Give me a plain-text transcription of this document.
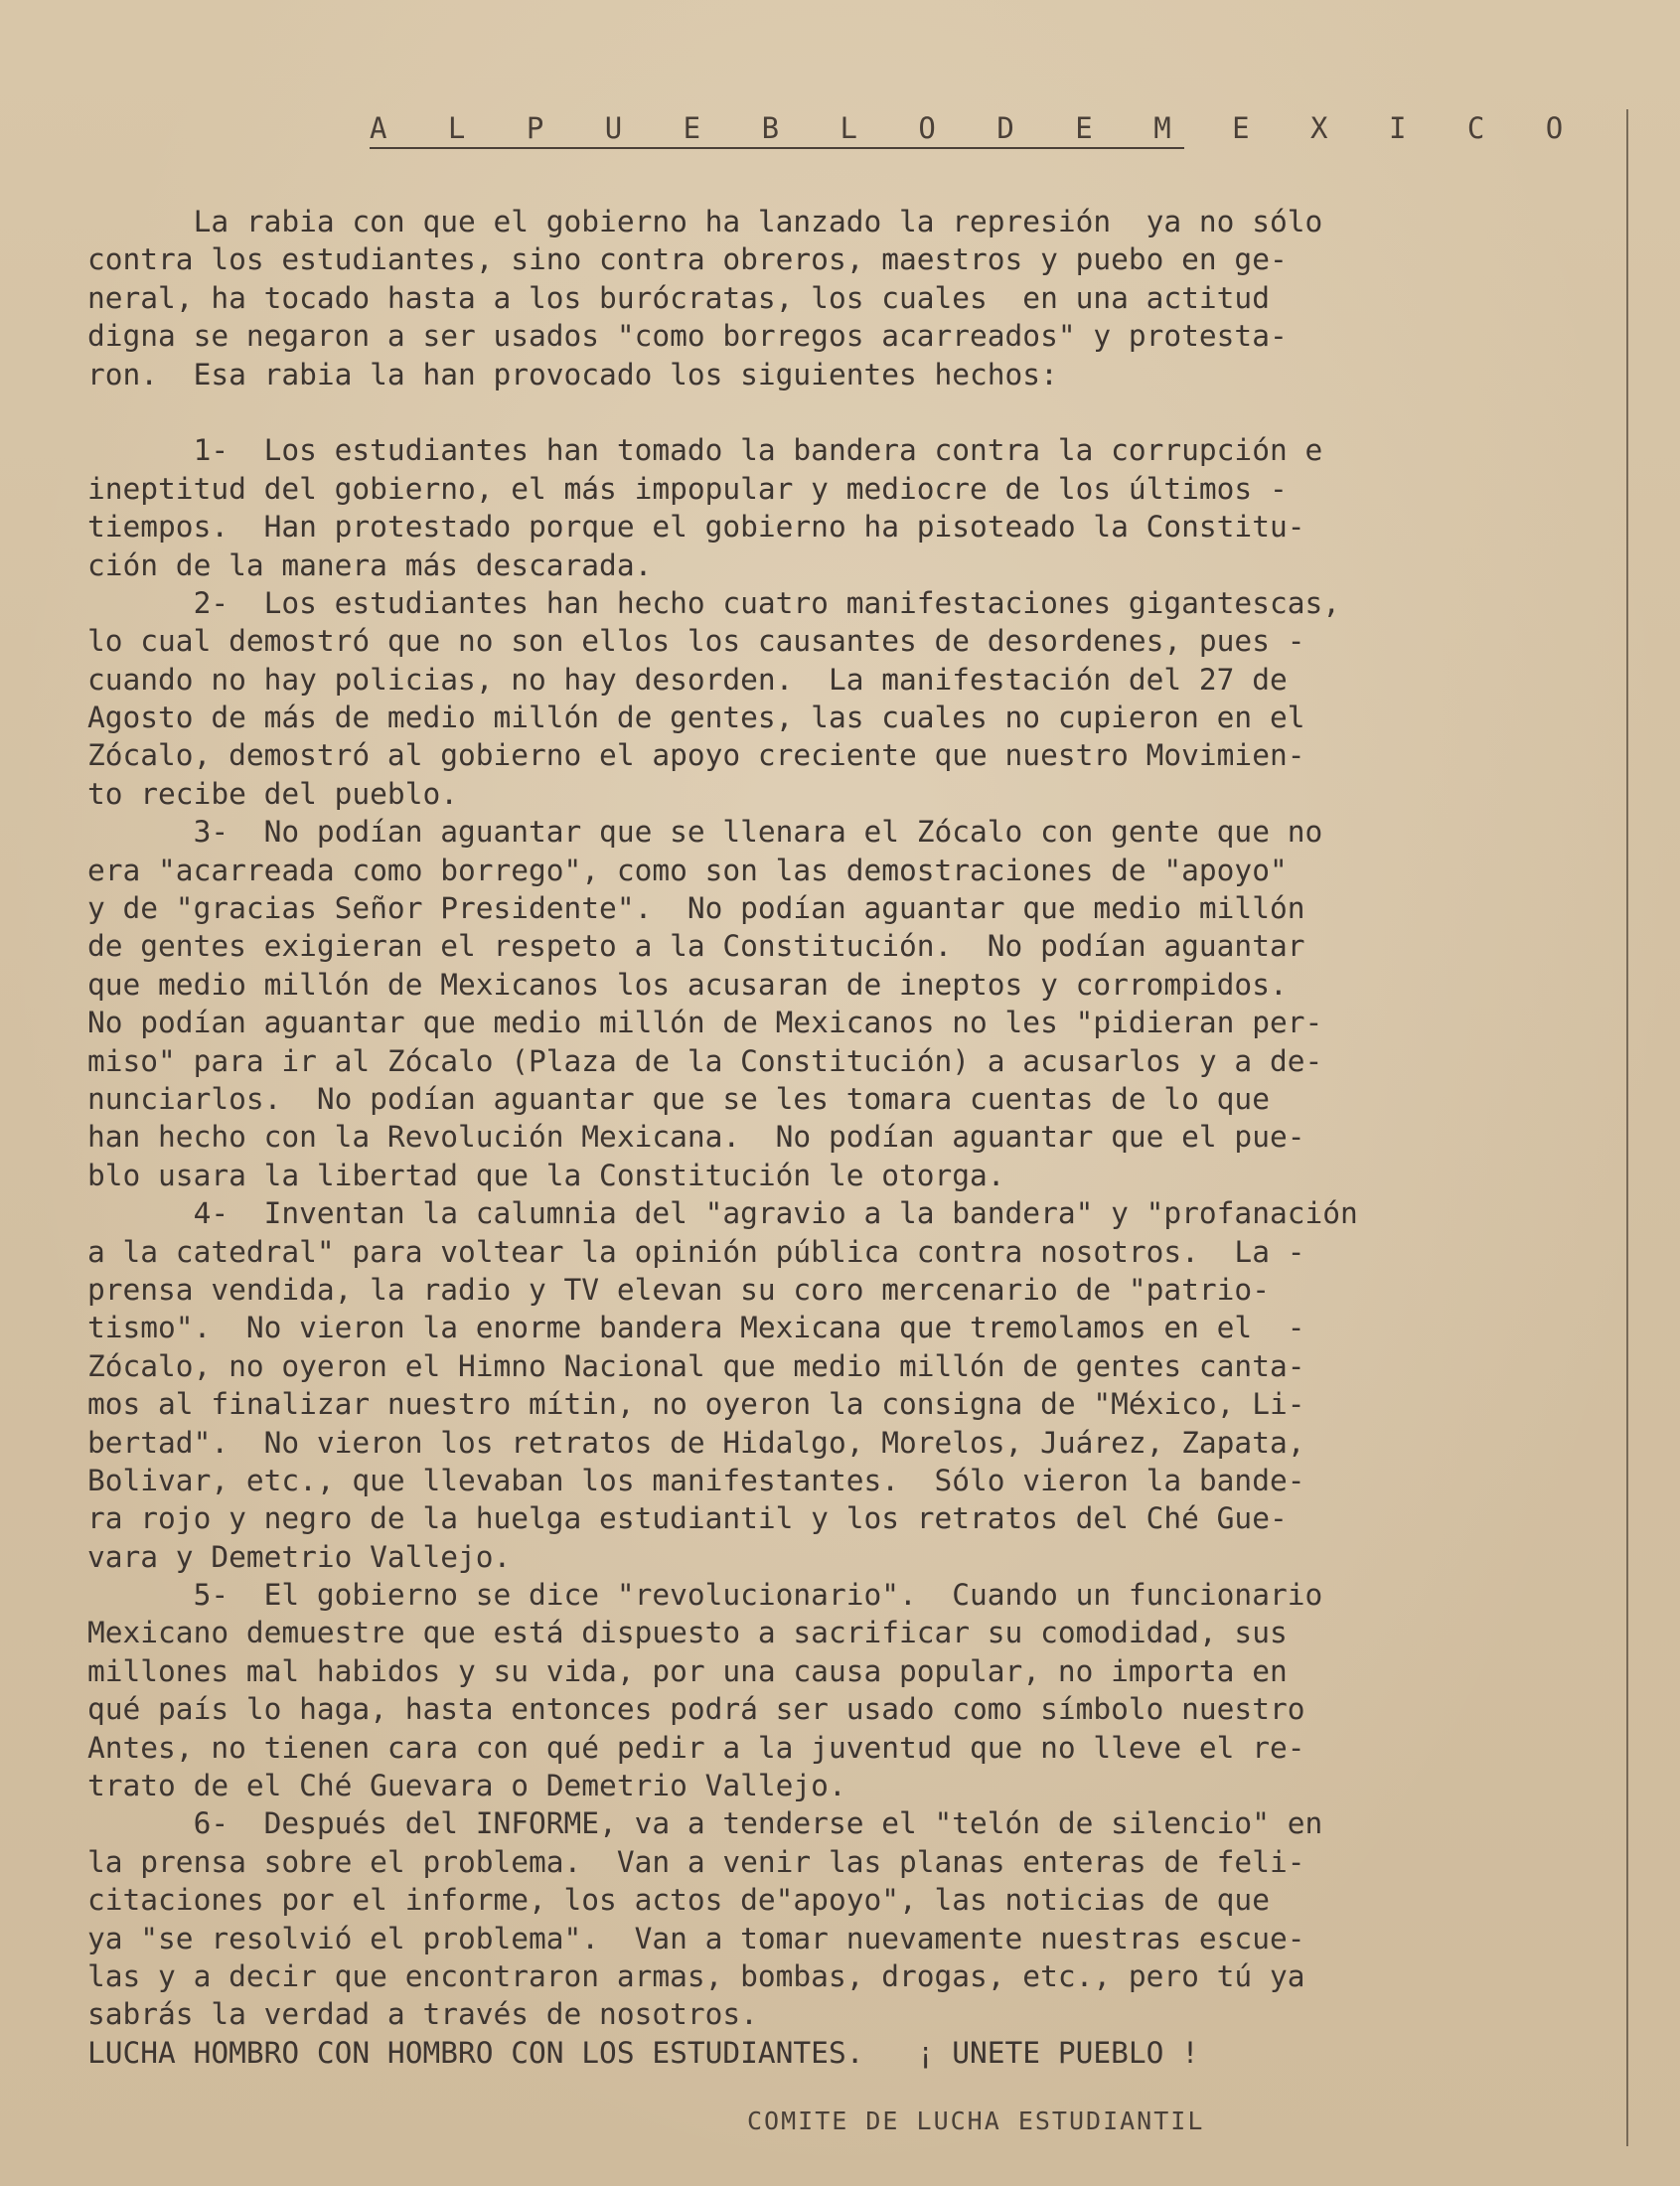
A L P U E B L O D E M E X I C O
La rabia con que el gobierno ha lanzado la represión  ya no sólo
contra los estudiantes, sino contra obreros, maestros y puebo en ge-
neral, ha tocado hasta a los burócratas, los cuales  en una actitud
digna se negaron a ser usados "como borregos acarreados" y protesta-
ron.  Esa rabia la han provocado los siguientes hechos:
1-  Los estudiantes han tomado la bandera contra la corrupción e
ineptitud del gobierno, el más impopular y mediocre de los últimos -
tiempos.  Han protestado porque el gobierno ha pisoteado la Constitu-
ción de la manera más descarada.
2-  Los estudiantes han hecho cuatro manifestaciones gigantescas,
lo cual demostró que no son ellos los causantes de desordenes, pues -
cuando no hay policias, no hay desorden.  La manifestación del 27 de
Agosto de más de medio millón de gentes, las cuales no cupieron en el
Zócalo, demostró al gobierno el apoyo creciente que nuestro Movimien-
to recibe del pueblo.
3-  No podían aguantar que se llenara el Zócalo con gente que no
era "acarreada como borrego", como son las demostraciones de "apoyo"
y de "gracias Señor Presidente".  No podían aguantar que medio millón
de gentes exigieran el respeto a la Constitución.  No podían aguantar
que medio millón de Mexicanos los acusaran de ineptos y corrompidos.
No podían aguantar que medio millón de Mexicanos no les "pidieran per-
miso" para ir al Zócalo (Plaza de la Constitución) a acusarlos y a de-
nunciarlos.  No podían aguantar que se les tomara cuentas de lo que
han hecho con la Revolución Mexicana.  No podían aguantar que el pue-
blo usara la libertad que la Constitución le otorga.
4-  Inventan la calumnia del "agravio a la bandera" y "profanación
a la catedral" para voltear la opinión pública contra nosotros.  La -
prensa vendida, la radio y TV elevan su coro mercenario de "patrio-
tismo".  No vieron la enorme bandera Mexicana que tremolamos en el  -
Zócalo, no oyeron el Himno Nacional que medio millón de gentes canta-
mos al finalizar nuestro mítin, no oyeron la consigna de "México, Li-
bertad".  No vieron los retratos de Hidalgo, Morelos, Juárez, Zapata,
Bolivar, etc., que llevaban los manifestantes.  Sólo vieron la bande-
ra rojo y negro de la huelga estudiantil y los retratos del Ché Gue-
vara y Demetrio Vallejo.
5-  El gobierno se dice "revolucionario".  Cuando un funcionario
Mexicano demuestre que está dispuesto a sacrificar su comodidad, sus
millones mal habidos y su vida, por una causa popular, no importa en
qué país lo haga, hasta entonces podrá ser usado como símbolo nuestro
Antes, no tienen cara con qué pedir a la juventud que no lleve el re-
trato de el Ché Guevara o Demetrio Vallejo.
6-  Después del INFORME, va a tenderse el "telón de silencio" en
la prensa sobre el problema.  Van a venir las planas enteras de feli-
citaciones por el informe, los actos de"apoyo", las noticias de que
ya "se resolvió el problema".  Van a tomar nuevamente nuestras escue-
las y a decir que encontraron armas, bombas, drogas, etc., pero tú ya
sabrás la verdad a través de nosotros.
LUCHA HOMBRO CON HOMBRO CON LOS ESTUDIANTES.   ¡ UNETE PUEBLO !
COMITE DE LUCHA ESTUDIANTIL
